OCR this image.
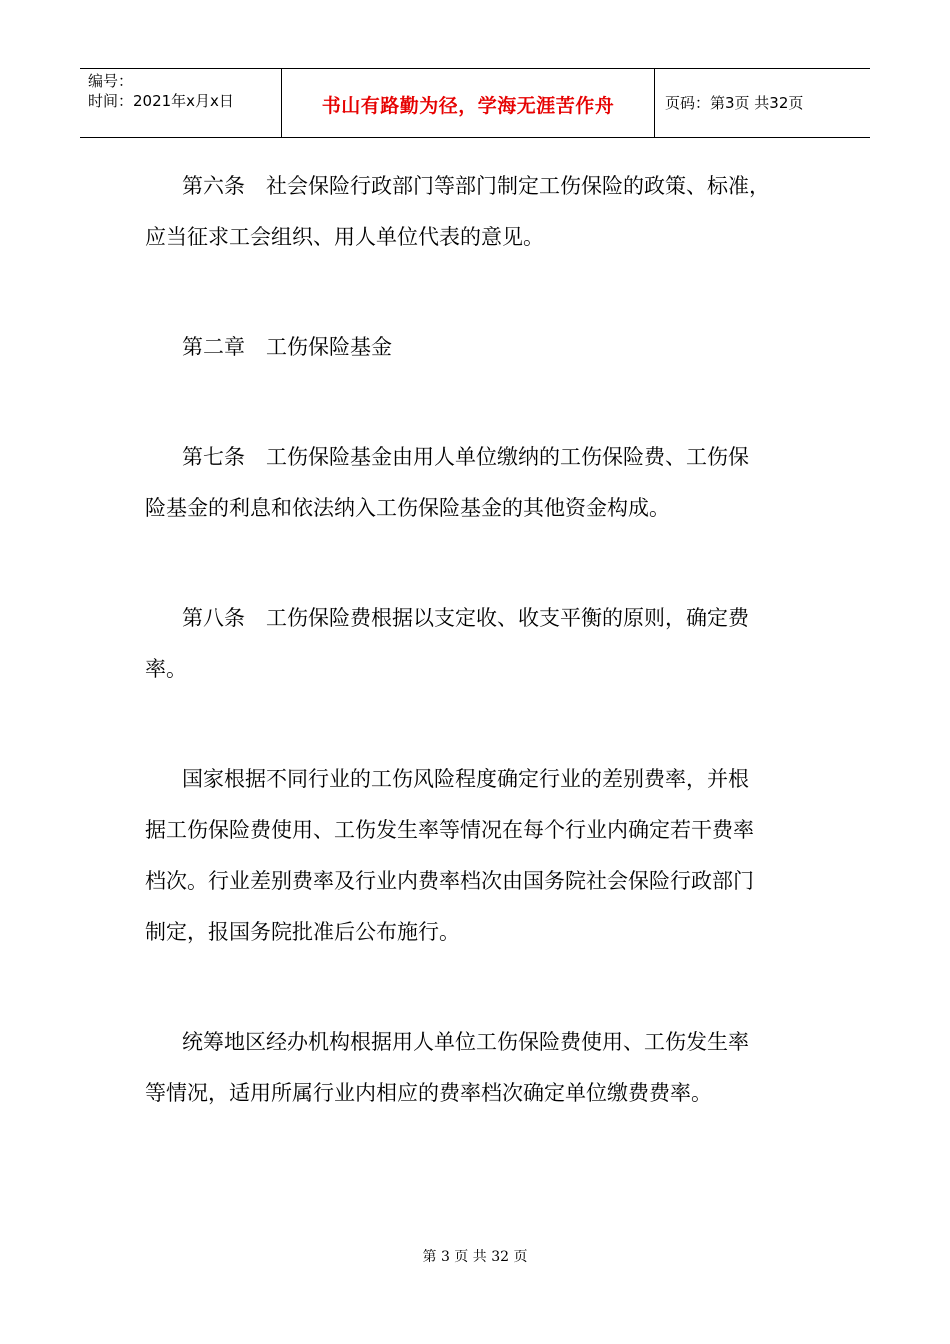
编号：
时间：2021年x月x日	书山有路勤为径，学海无涯苦作舟	页码：第3页 共32页
第六条　社会保险行政部门等部门制定工伤保险的政策、标准，
应当征求工会组织、用人单位代表的意见。
第二章　工伤保险基金
第七条　工伤保险基金由用人单位缴纳的工伤保险费、工伤保
险基金的利息和依法纳入工伤保险基金的其他资金构成。
第八条　工伤保险费根据以支定收、收支平衡的原则，确定费
率。
国家根据不同行业的工伤风险程度确定行业的差别费率，并根
据工伤保险费使用、工伤发生率等情况在每个行业内确定若干费率
档次。行业差别费率及行业内费率档次由国务院社会保险行政部门
制定，报国务院批准后公布施行。
统筹地区经办机构根据用人单位工伤保险费使用、工伤发生率
等情况，适用所属行业内相应的费率档次确定单位缴费费率。
第 3 页 共 32 页
